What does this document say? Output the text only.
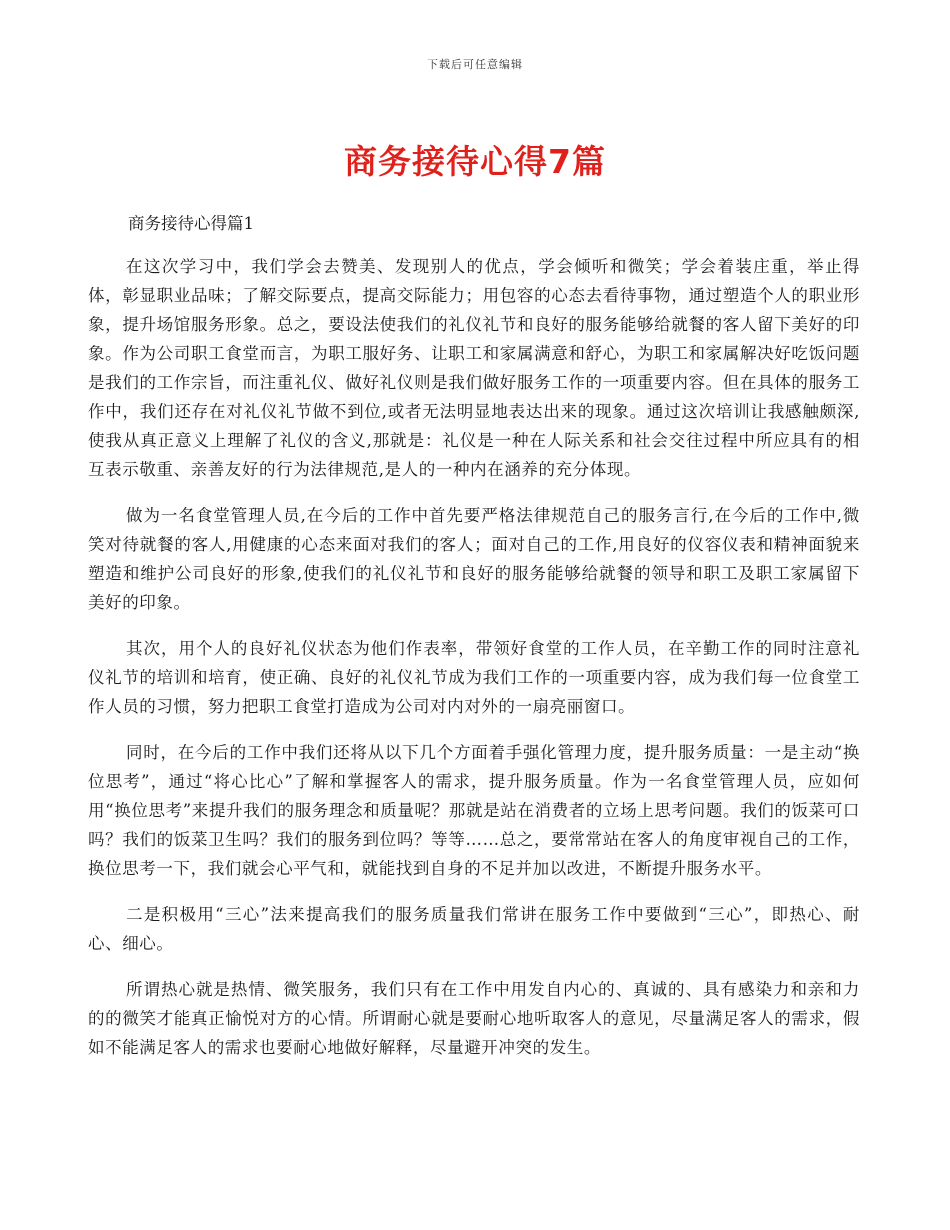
下载后可任意编辑
商务接待心得7篇
商务接待心得篇1

在这次学习中，我们学会去赞美、发现别人的优点，学会倾听和微笑；学会着装庄重，举止得体，彰显职业品味；了解交际要点，提高交际能力；用包容的心态去看待事物，通过塑造个人的职业形象，提升场馆服务形象。总之，要设法使我们的礼仪礼节和良好的服务能够给就餐的客人留下美好的印象。作为公司职工食堂而言，为职工服好务、让职工和家属满意和舒心，为职工和家属解决好吃饭问题是我们的工作宗旨，而注重礼仪、做好礼仪则是我们做好服务工作的一项重要内容。但在具体的服务工作中，我们还存在对礼仪礼节做不到位,或者无法明显地表达出来的现象。通过这次培训让我感触颇深,使我从真正意义上理解了礼仪的含义,那就是：礼仪是一种在人际关系和社会交往过程中所应具有的相互表示敬重、亲善友好的行为法律规范,是人的一种内在涵养的充分体现。

做为一名食堂管理人员,在今后的工作中首先要严格法律规范自己的服务言行,在今后的工作中,微笑对待就餐的客人,用健康的心态来面对我们的客人；面对自己的工作,用良好的仪容仪表和精神面貌来塑造和维护公司良好的形象,使我们的礼仪礼节和良好的服务能够给就餐的领导和职工及职工家属留下美好的印象。

其次，用个人的良好礼仪状态为他们作表率，带领好食堂的工作人员，在辛勤工作的同时注意礼仪礼节的培训和培育，使正确、良好的礼仪礼节成为我们工作的一项重要内容，成为我们每一位食堂工作人员的习惯，努力把职工食堂打造成为公司对内对外的一扇亮丽窗口。

同时，在今后的工作中我们还将从以下几个方面着手强化管理力度，提升服务质量：一是主动“换位思考”，通过“将心比心”了解和掌握客人的需求，提升服务质量。作为一名食堂管理人员，应如何用“换位思考”来提升我们的服务理念和质量呢？那就是站在消费者的立场上思考问题。我们的饭菜可口吗？我们的饭菜卫生吗？我们的服务到位吗？等等……总之，要常常站在客人的角度审视自己的工作，换位思考一下，我们就会心平气和，就能找到自身的不足并加以改进，不断提升服务水平。

二是积极用“三心”法来提高我们的服务质量我们常讲在服务工作中要做到“三心”，即热心、耐心、细心。

所谓热心就是热情、微笑服务，我们只有在工作中用发自内心的、真诚的、具有感染力和亲和力的的微笑才能真正愉悦对方的心情。所谓耐心就是要耐心地听取客人的意见，尽量满足客人的需求，假如不能满足客人的需求也要耐心地做好解释，尽量避开冲突的发生。
